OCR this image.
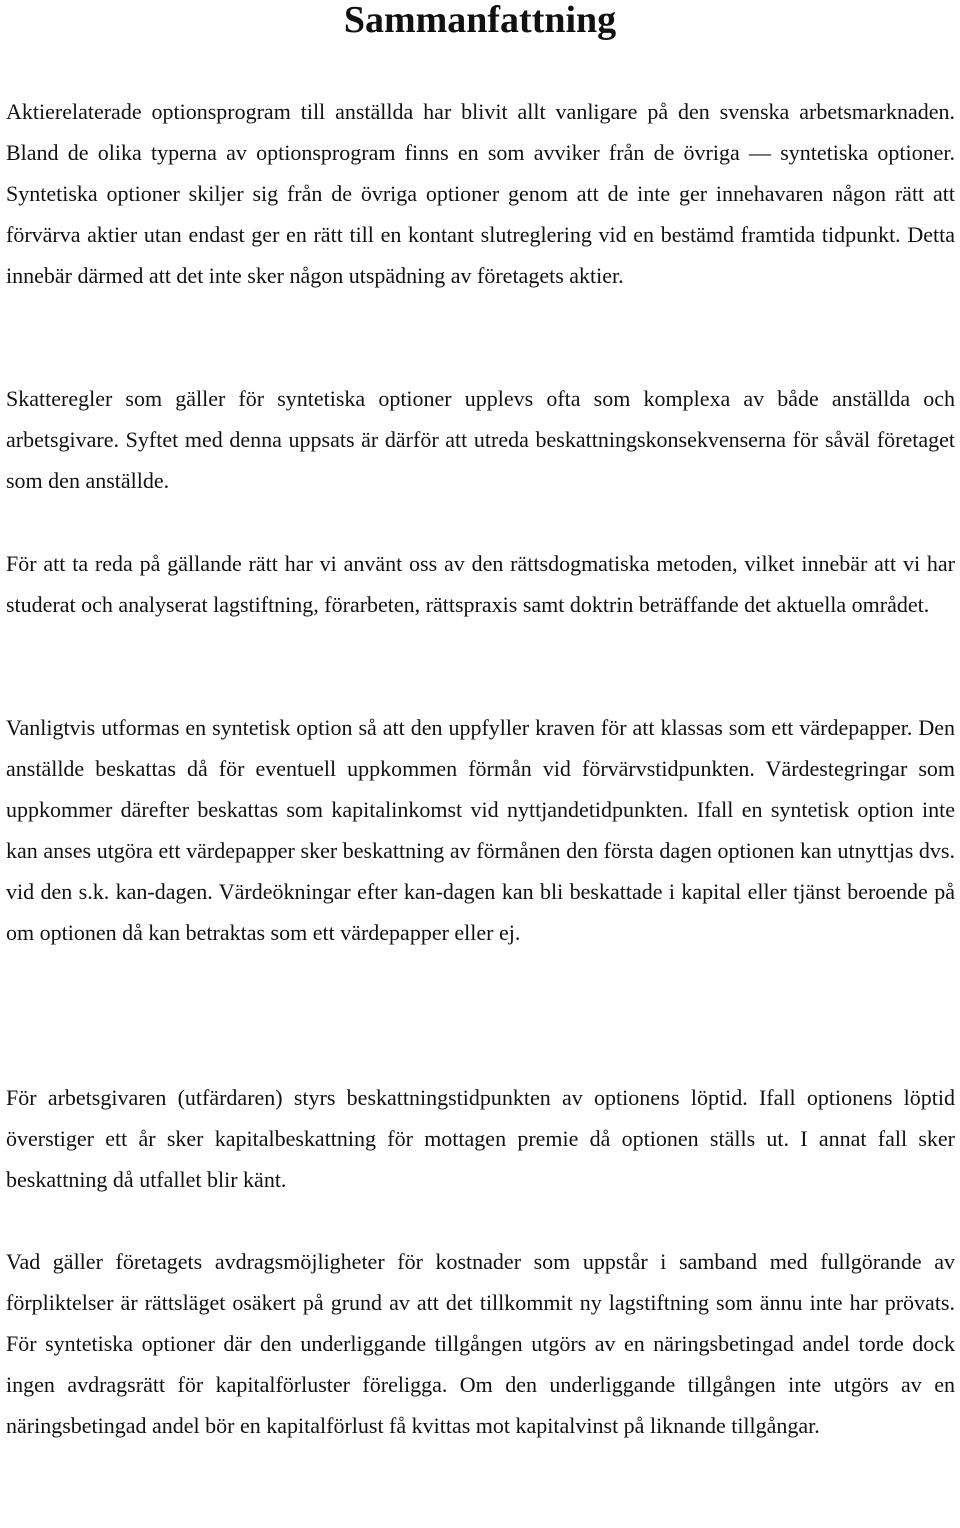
Sammanfattning

Aktierelaterade optionsprogram till anställda har blivit allt vanligare på den svenska arbetsmarknaden. Bland de olika typerna av optionsprogram finns en som avviker från de övriga — syntetiska optioner. Syntetiska optioner skiljer sig från de övriga optioner genom att de inte ger innehavaren någon rätt att förvärva aktier utan endast ger en rätt till en kontant slutreglering vid en bestämd framtida tidpunkt. Detta innebär därmed att det inte sker någon utspädning av företagets aktier.

Skatteregler som gäller för syntetiska optioner upplevs ofta som komplexa av både anställda och arbetsgivare. Syftet med denna uppsats är därför att utreda beskattningskonsekvenserna för såväl företaget som den anställde.

För att ta reda på gällande rätt har vi använt oss av den rättsdogmatiska metoden, vilket innebär att vi har studerat och analyserat lagstiftning, förarbeten, rättspraxis samt doktrin beträffande det aktuella området.

Vanligtvis utformas en syntetisk option så att den uppfyller kraven för att klassas som ett värdepapper. Den anställde beskattas då för eventuell uppkommen förmån vid förvärvstidpunkten. Värdestegringar som uppkommer därefter beskattas som kapitalinkomst vid nyttjandetidpunkten. Ifall en syntetisk option inte kan anses utgöra ett värdepapper sker beskattning av förmånen den första dagen optionen kan utnyttjas dvs. vid den s.k. kan-dagen. Värdeökningar efter kan-dagen kan bli beskattade i kapital eller tjänst beroende på om optionen då kan betraktas som ett värdepapper eller ej.

För arbetsgivaren (utfärdaren) styrs beskattningstidpunkten av optionens löptid. Ifall optionens löptid överstiger ett år sker kapitalbeskattning för mottagen premie då optionen ställs ut. I annat fall sker beskattning då utfallet blir känt.

Vad gäller företagets avdragsmöjligheter för kostnader som uppstår i samband med fullgörande av förpliktelser är rättsläget osäkert på grund av att det tillkommit ny lagstiftning som ännu inte har prövats. För syntetiska optioner där den underliggande tillgången utgörs av en näringsbetingad andel torde dock ingen avdragsrätt för kapitalförluster föreligga. Om den underliggande tillgången inte utgörs av en näringsbetingad andel bör en kapitalförlust få kvittas mot kapitalvinst på liknande tillgångar.
